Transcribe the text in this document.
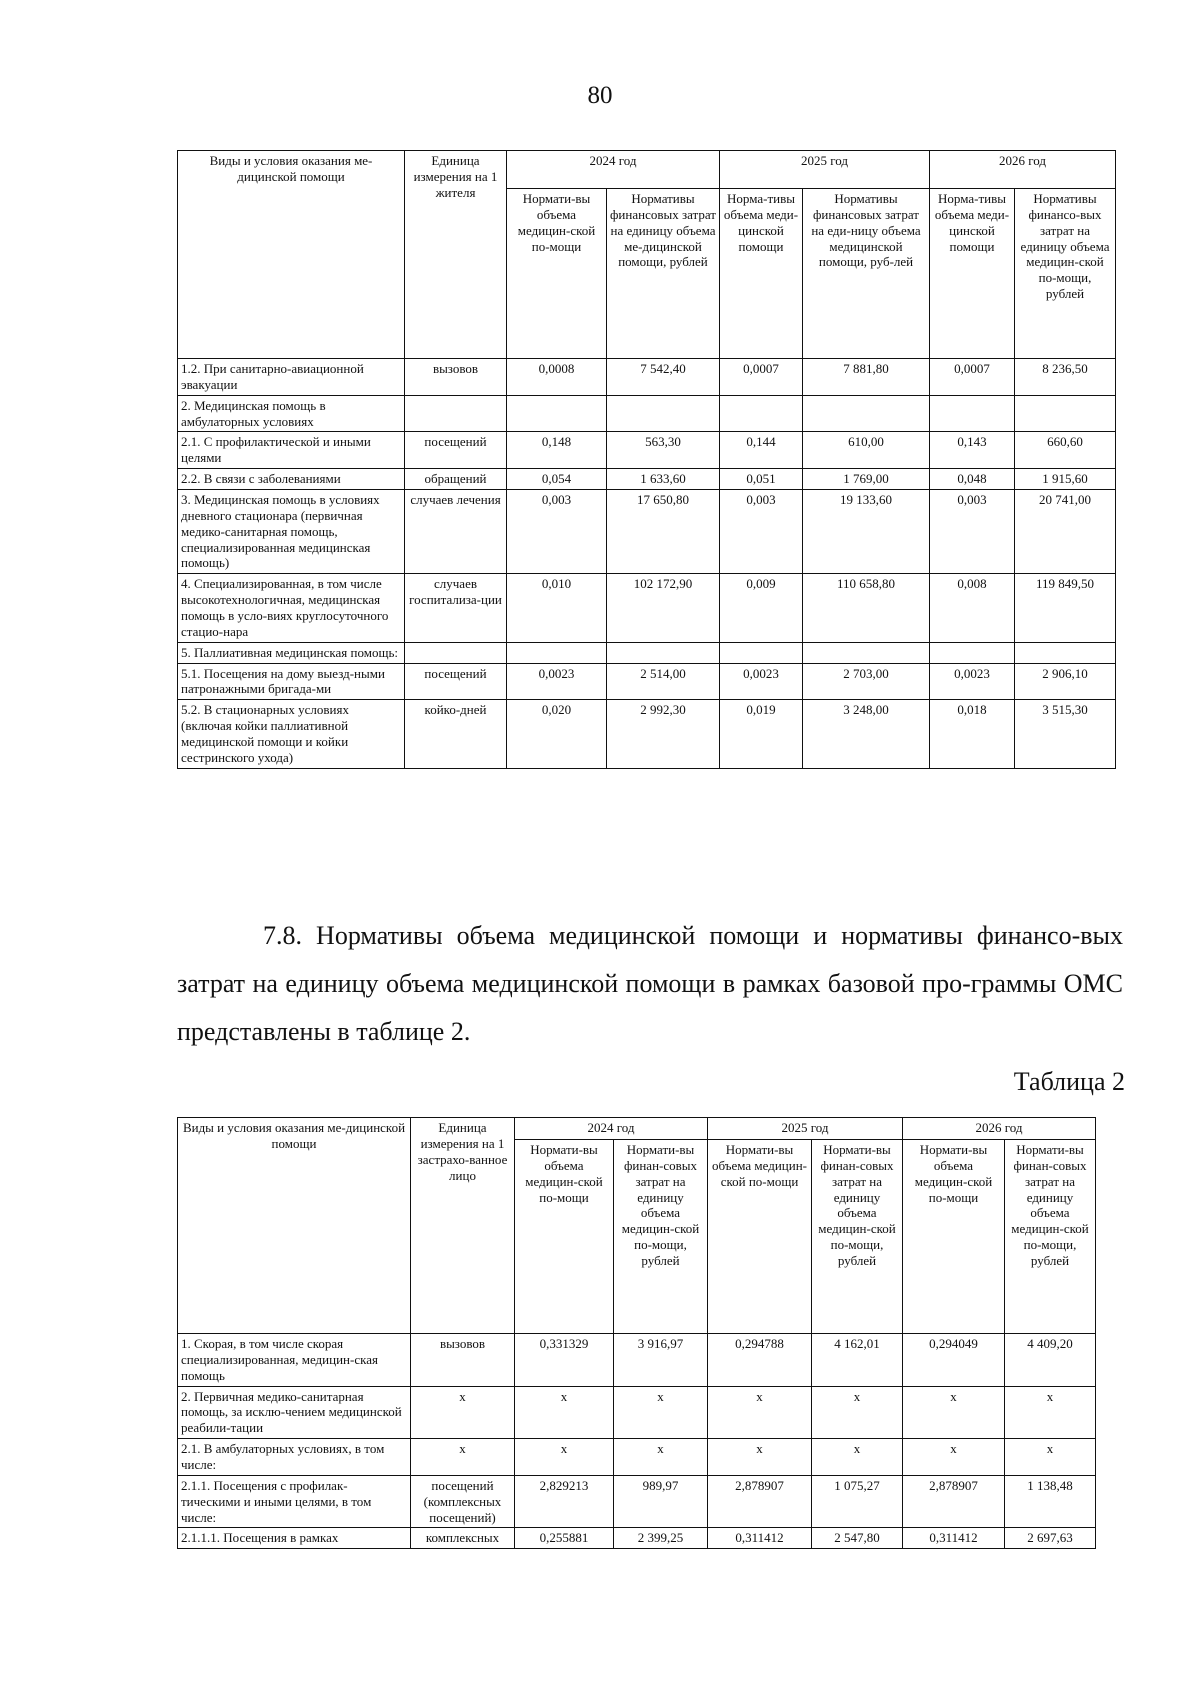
80
Виды и условия оказания ме-дицинской помощи	Единица измерения на 1 жителя	2024 год		2025 год		2026 год	
		Нормати-вы объема медицин-ской по-мощи	Нормативы финансовых затрат на единицу объема ме-дицинской помощи, рублей	Норма-тивы объема меди-цинской помощи	Нормативы финансовых затрат на еди-ницу объема медицинской помощи, руб-лей	Норма-тивы объема меди-цинской помощи	Нормативы финансо-вых затрат на единицу объема медицин-ской по-мощи, рублей
1.2. При санитарно-авиационной эвакуации	вызовов	0,0008	7 542,40	0,0007	7 881,80	0,0007	8 236,50
2. Медицинская помощь в амбулаторных условиях							
2.1. С профилактической и иными целями	посещений	0,148	563,30	0,144	610,00	0,143	660,60
2.2. В связи с заболеваниями	обращений	0,054	1 633,60	0,051	1 769,00	0,048	1 915,60
3. Медицинская помощь в условиях дневного стационара (первичная медико-санитарная помощь, специализированная медицинская помощь)	случаев лечения	0,003	17 650,80	0,003	19 133,60	0,003	20 741,00
4. Специализированная, в том числе высокотехнологичная, медицинская помощь в усло-виях круглосуточного стацио-нара	случаев госпитализа-ции	0,010	102 172,90	0,009	110 658,80	0,008	119 849,50
5. Паллиативная медицинская помощь:							
5.1. Посещения на дому выезд-ными патронажными бригада-ми	посещений	0,0023	2 514,00	0,0023	2 703,00	0,0023	2 906,10
5.2. В стационарных условиях (включая койки паллиативной медицинской помощи и койки сестринского ухода)	койко-дней	0,020	2 992,30	0,019	3 248,00	0,018	3 515,30
7.8. Нормативы объема медицинской помощи и нормативы финансо-вых затрат на единицу объема медицинской помощи в рамках базовой про-граммы ОМС представлены в таблице 2.
Таблица 2
Виды и условия оказания ме-дицинской помощи	Единица измерения на 1 застрахо-ванное лицо	2024 год		2025 год		2026 год	
		Нормати-вы объема медицин-ской по-мощи	Нормати-вы финан-совых затрат на единицу объема медицин-ской по-мощи, рублей	Нормати-вы объема медицин-ской по-мощи	Нормати-вы финан-совых затрат на единицу объема медицин-ской по-мощи, рублей	Нормати-вы объема медицин-ской по-мощи	Нормати-вы финан-совых затрат на единицу объема медицин-ской по-мощи, рублей
1. Скорая, в том числе скорая специализированная, медицин-ская помощь	вызовов	0,331329	3 916,97	0,294788	4 162,01	0,294049	4 409,20
2. Первичная медико-санитарная помощь, за исклю-чением медицинской реабили-тации	x	x	x	x	x	x	x
2.1. В амбулаторных условиях, в том числе:	x	x	x	x	x	x	x
2.1.1. Посещения с профилак-тическими и иными целями, в том числе:	посещений (комплексных посещений)	2,829213	989,97	2,878907	1 075,27	2,878907	1 138,48
2.1.1.1. Посещения в рамках	комплексных	0,255881	2 399,25	0,311412	2 547,80	0,311412	2 697,63
